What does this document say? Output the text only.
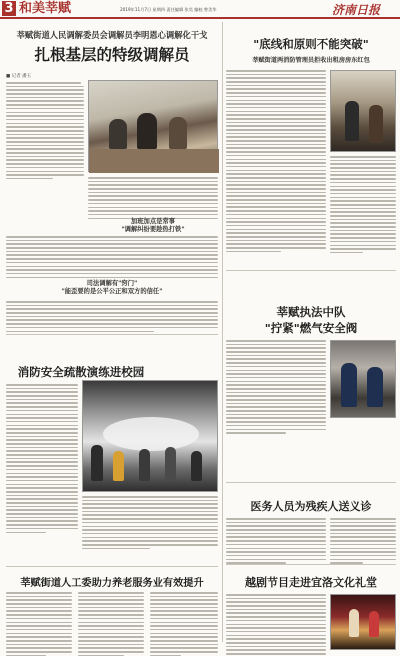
3 和美莘赋	2019年11月7日 星期四 责任编辑 张昊 编校 曾美华	济南日报
莘赋街道人民调解委员会调解员李明恩心调解化干戈
扎根基层的特级调解员
■ 记者 潘玉
加班加点是常事
"调解纠纷要趁热打铁"
司法调解有"窍门"
"能歪要的是公平公正和双方的信任"
"底线和原则不能突破"
莘赋街道两消防管理员拒收出租房房东红包
莘赋执法中队
"拧紧"燃气安全阀
医务人员为残疾人送义诊
越剧节目走进宜洛文化礼堂
消防安全疏散演练进校园
莘赋街道人工委助力养老服务业有效提升
